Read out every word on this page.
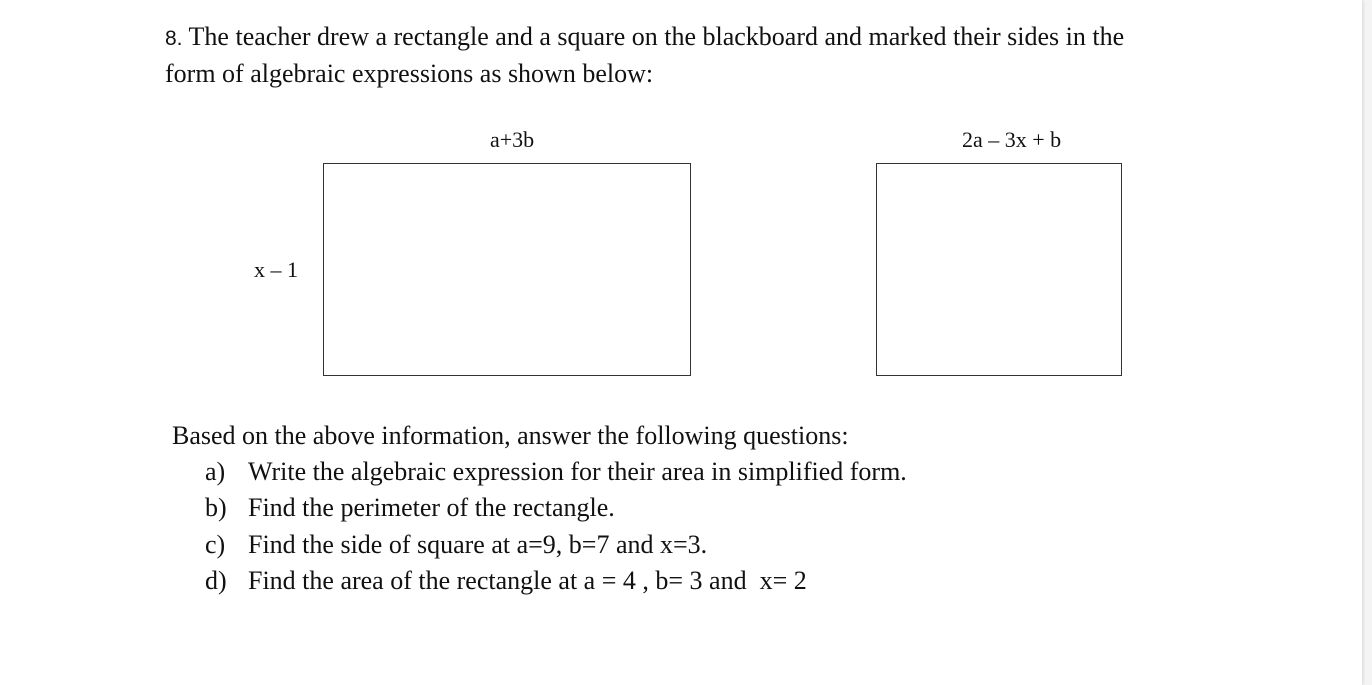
8. The teacher drew a rectangle and a square on the blackboard and marked their sides in the
form of algebraic expressions as shown below:
a+3b
x – 1
2a – 3x + b
Based on the above information, answer the following questions:
a) Write the algebraic expression for their area in simplified form.
b) Find the perimeter of the rectangle.
c) Find the side of square at a=9, b=7 and x=3.
d) Find the area of the rectangle at a = 4 , b= 3 and  x= 2
